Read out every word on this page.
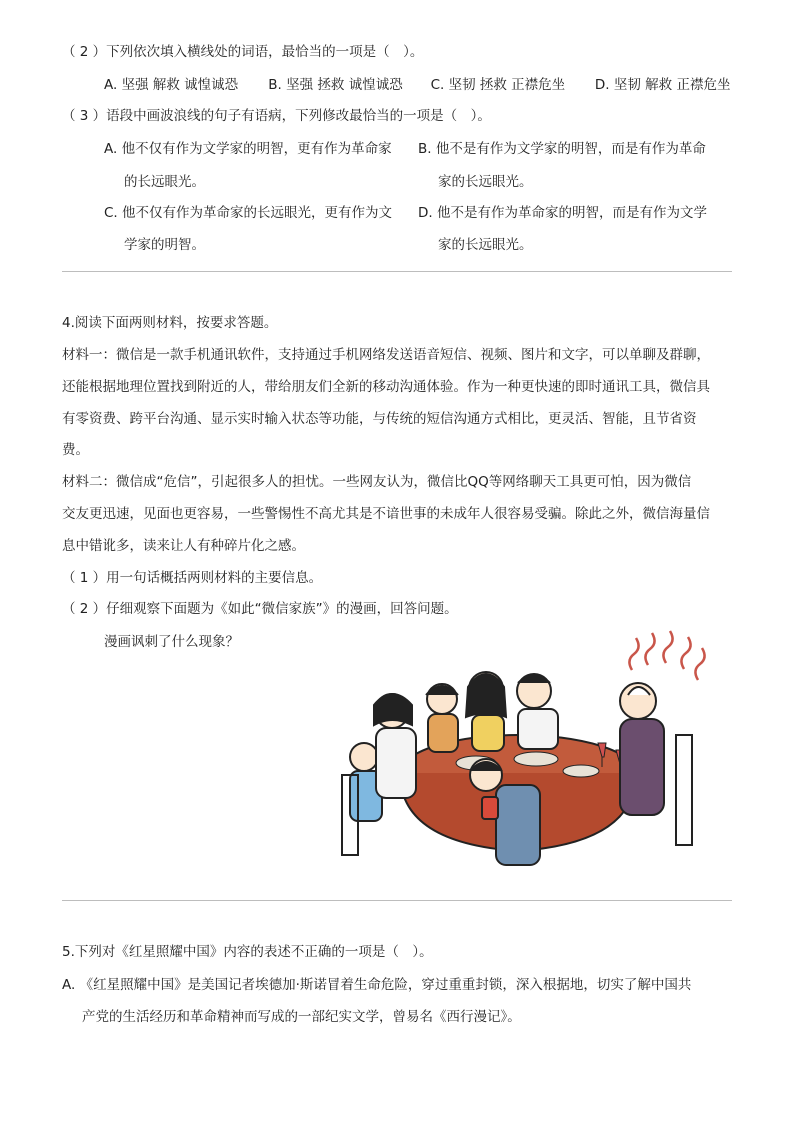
（ 2 ）下列依次填入横线处的词语，最恰当的一项是（　）。
A. 坚强 解救 诚惶诚恐 B. 坚强 拯救 诚惶诚恐 C. 坚韧 拯救 正襟危坐 D. 坚韧 解救 正襟危坐
（ 3 ）语段中画波浪线的句子有语病，下列修改最恰当的一项是（　）。
A. 他不仅有作为文学家的明智，更有作为革命家
的长远眼光。
B. 他不是有作为文学家的明智，而是有作为革命
家的长远眼光。
C. 他不仅有作为革命家的长远眼光，更有作为文
学家的明智。
D. 他不是有作为革命家的明智，而是有作为文学
家的长远眼光。
4.阅读下面两则材料，按要求答题。
材料一：微信是一款手机通讯软件，支持通过手机网络发送语音短信、视频、图片和文字，可以单聊及群聊，
还能根据地理位置找到附近的人，带给朋友们全新的移动沟通体验。作为一种更快速的即时通讯工具，微信具
有零资费、跨平台沟通、显示实时输入状态等功能，与传统的短信沟通方式相比，更灵活、智能，且节省资
费。
材料二：微信成“危信”，引起很多人的担忧。一些网友认为，微信比QQ等网络聊天工具更可怕，因为微信
交友更迅速，见面也更容易，一些警惕性不高尤其是不谙世事的未成年人很容易受骗。除此之外，微信海量信
息中错讹多，读来让人有种碎片化之感。
（ 1 ）用一句话概括两则材料的主要信息。
（ 2 ）仔细观察下面题为《如此“微信家族”》的漫画，回答问题。
漫画讽刺了什么现象？
5.下列对《红星照耀中国》内容的表述不正确的一项是（　）。
A. 《红星照耀中国》是美国记者埃德加·斯诺冒着生命危险，穿过重重封锁，深入根据地，切实了解中国共
产党的生活经历和革命精神而写成的一部纪实文学，曾易名《西行漫记》。
